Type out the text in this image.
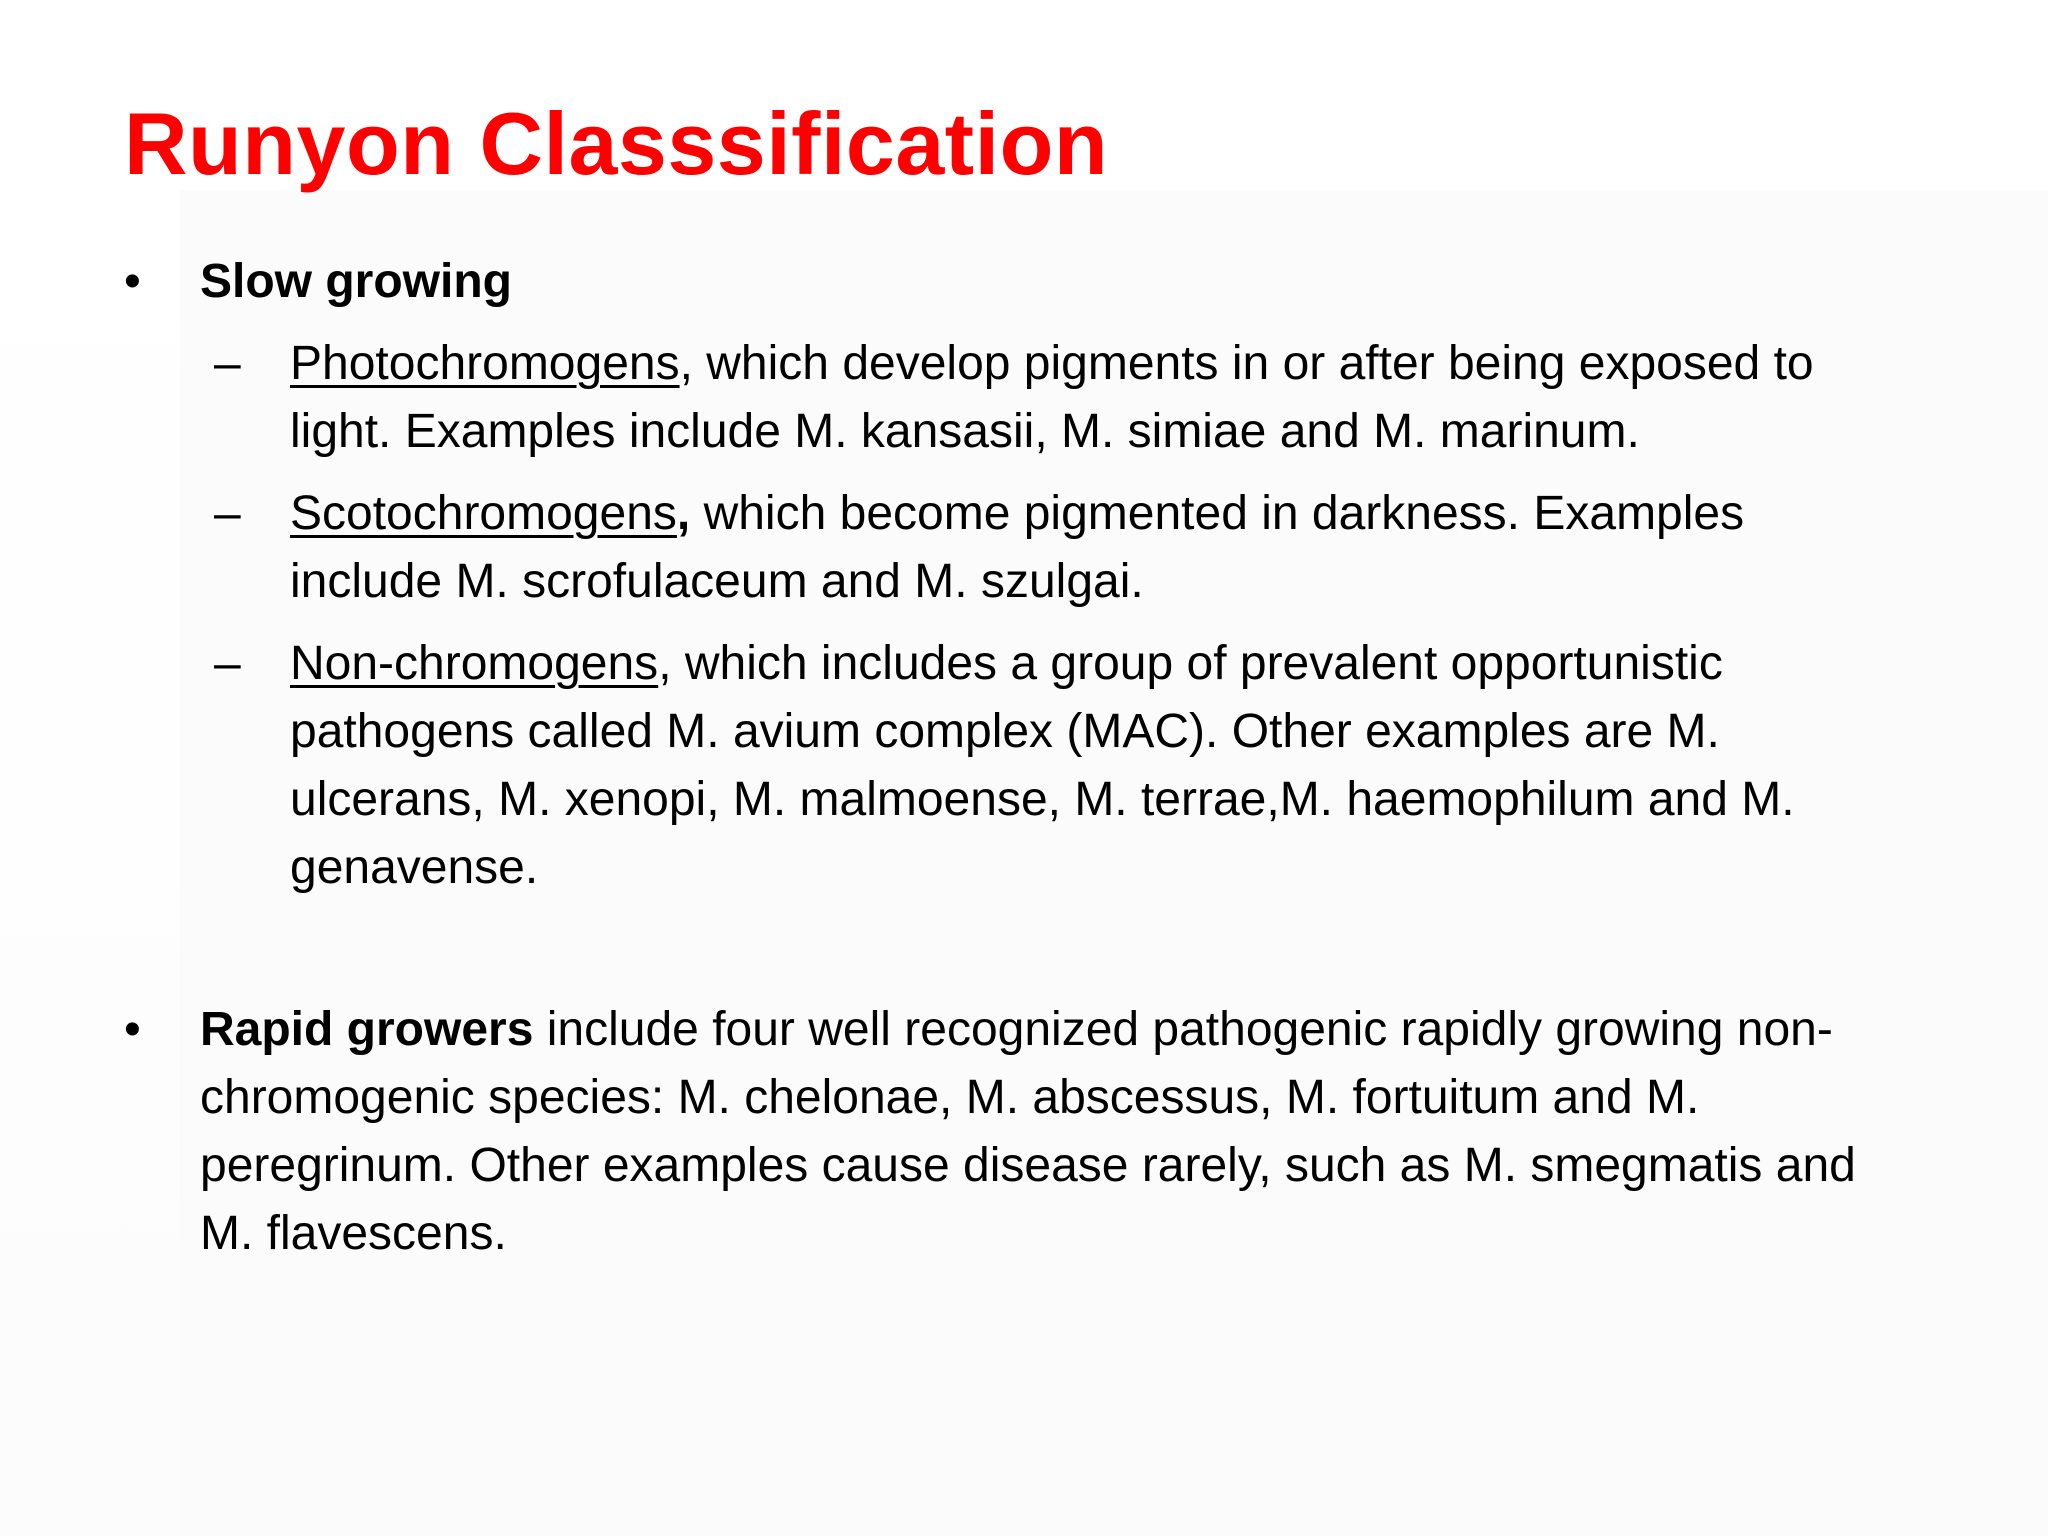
Runyon Classsification
•	Slow growing
– Photochromogens, which develop pigments in or after being exposed to light. Examples include M. kansasii, M. simiae and M. marinum.
– Scotochromogens, which become pigmented in darkness. Examples include M. scrofulaceum and M. szulgai.
– Non-chromogens, which includes a group of prevalent opportunistic pathogens called M. avium complex (MAC). Other examples are M. ulcerans, M. xenopi, M. malmoense, M. terrae,M. haemophilum and M. genavense.
•	Rapid growers include four well recognized pathogenic rapidly growing non-chromogenic species: M. chelonae, M. abscessus, M. fortuitum and M. peregrinum. Other examples cause disease rarely, such as M. smegmatis and M. flavescens.
